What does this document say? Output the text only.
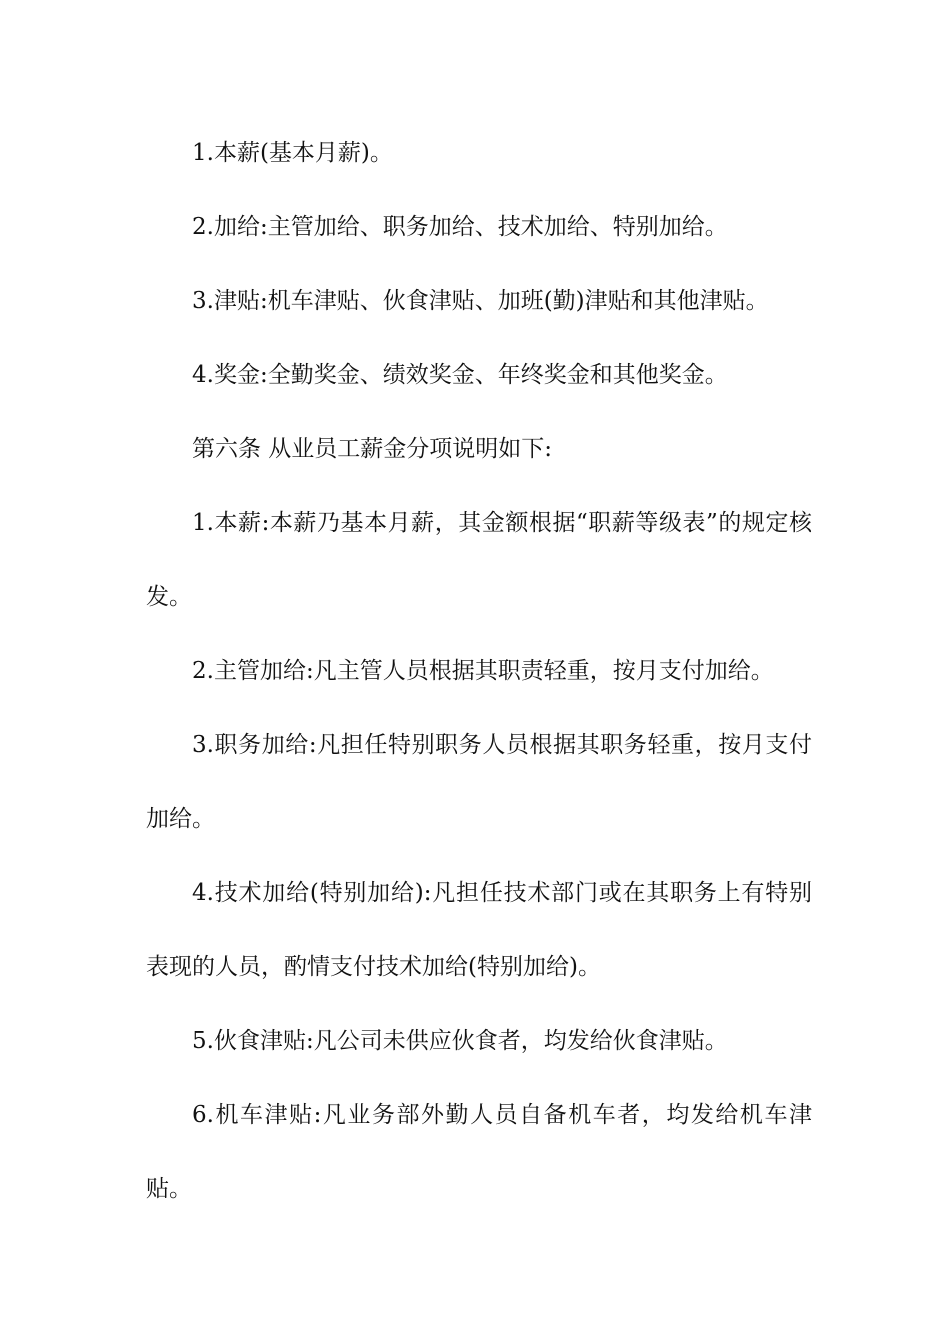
1.本薪(基本月薪)。

2.加给:主管加给、职务加给、技术加给、特别加给。

3.津贴:机车津贴、伙食津贴、加班(勤)津贴和其他津贴。

4.奖金:全勤奖金、绩效奖金、年终奖金和其他奖金。

第六条 从业员工薪金分项说明如下:

1.本薪:本薪乃基本月薪，其金额根据“职薪等级表”的规定核发。

2.主管加给:凡主管人员根据其职责轻重，按月支付加给。

3.职务加给:凡担任特别职务人员根据其职务轻重，按月支付加给。

4.技术加给(特别加给):凡担任技术部门或在其职务上有特别表现的人员，酌情支付技术加给(特别加给)。

5.伙食津贴:凡公司未供应伙食者，均发给伙食津贴。

6.机车津贴:凡业务部外勤人员自备机车者，均发给机车津贴。
